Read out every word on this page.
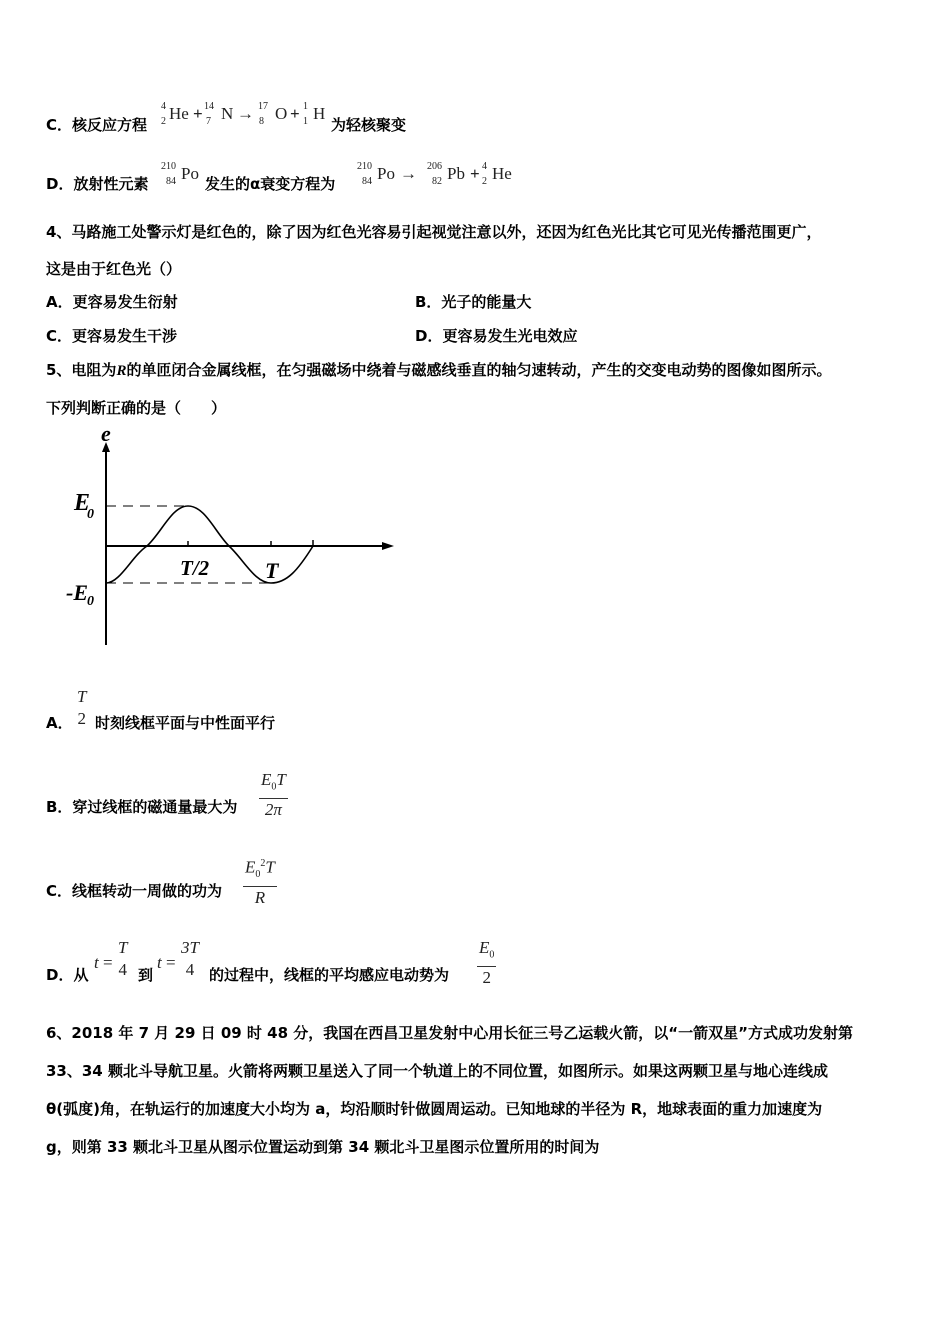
C．核反应方程
4
2 He + 14
7 N → 17
8 O + 1
1 H
为轻核聚变
D．放射性元素
210
84 Po
发生的α衰变方程为
210
84 Po → 206
82 Pb + 4
2 He
4、马路施工处警示灯是红色的，除了因为红色光容易引起视觉注意以外，还因为红色光比其它可见光传播范围更广，
这是由于红色光（）
A．更容易发生衍射	B．光子的能量大
C．更容易发生干涉	D．更容易发生光电效应
5、电阻为R的单匝闭合金属线框，在匀强磁场中绕着与磁感线垂直的轴匀速转动，产生的交变电动势的图像如图所示。
下列判断正确的是（　　）
e
E
0
-E 0
T/2	T
A．
T
2 时刻线框平面与中性面平行
B．穿过线框的磁通量最大为 $\frac{E_0T}{2\pi}$
C．线框转动一周做的功为 $\frac{E_0^2T}{R}$
D．从
t =
T
4 到
t =
3T
4 的过程中，线框的平均感应电动势为 $\frac{E_0}{2}$
6、2018 年 7 月 29 日 09 时 48 分，我国在西昌卫星发射中心用长征三号乙运载火箭，以“一箭双星”方式成功发射第
33、34 颗北斗导航卫星。火箭将两颗卫星送入了同一个轨道上的不同位置，如图所示。如果这两颗卫星与地心连线成
θ(弧度)角，在轨运行的加速度大小均为 a，均沿顺时针做圆周运动。已知地球的半径为 R，地球表面的重力加速度为
g，则第 33 颗北斗卫星从图示位置运动到第 34 颗北斗卫星图示位置所用的时间为
